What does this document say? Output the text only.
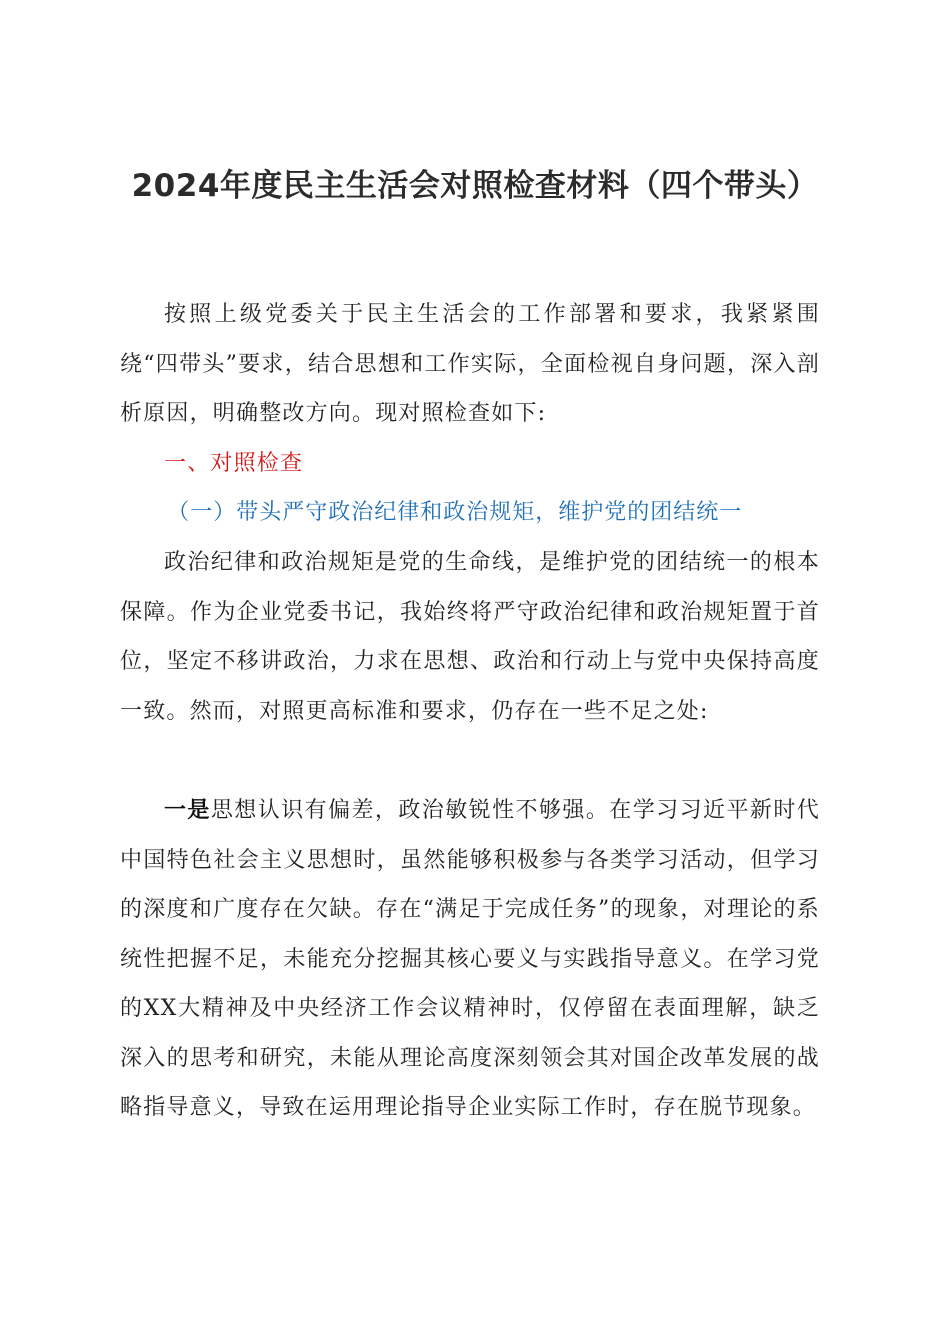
2024年度民主生活会对照检查材料（四个带头）

按照上级党委关于民主生活会的工作部署和要求，我紧紧围绕“四带头”要求，结合思想和工作实际，全面检视自身问题，深入剖析原因，明确整改方向。现对照检查如下:

一、对照检查

（一）带头严守政治纪律和政治规矩，维护党的团结统一

政治纪律和政治规矩是党的生命线，是维护党的团结统一的根本保障。作为企业党委书记，我始终将严守政治纪律和政治规矩置于首位，坚定不移讲政治，力求在思想、政治和行动上与党中央保持高度一致。然而，对照更高标准和要求，仍存在一些不足之处:

一是思想认识有偏差，政治敏锐性不够强。在学习习近平新时代中国特色社会主义思想时，虽然能够积极参与各类学习活动，但学习的深度和广度存在欠缺。存在“满足于完成任务”的现象，对理论的系统性把握不足，未能充分挖掘其核心要义与实践指导意义。在学习党的XX大精神及中央经济工作会议精神时，仅停留在表面理解，缺乏深入的思考和研究，未能从理论高度深刻领会其对国企改革发展的战略指导意义，导致在运用理论指导企业实际工作时，存在脱节现象。
